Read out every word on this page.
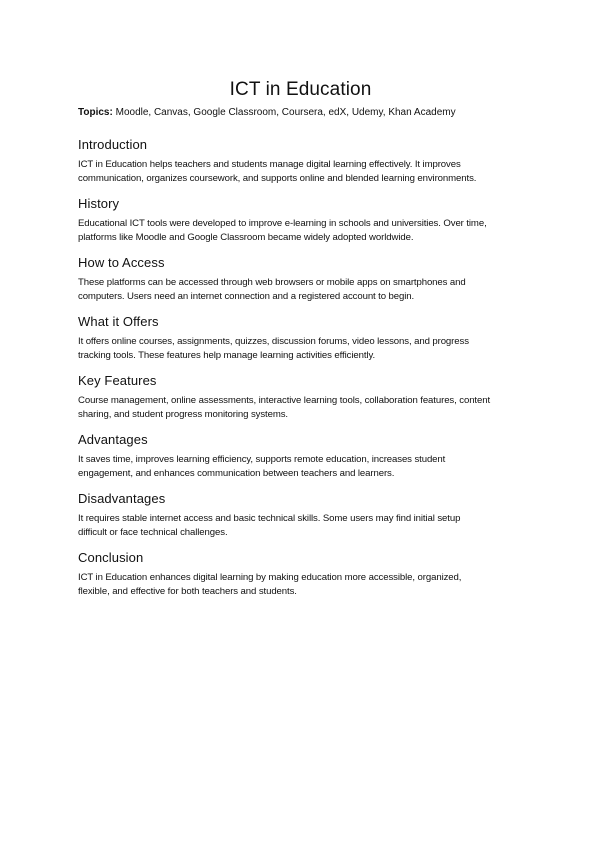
ICT in Education
Topics: Moodle, Canvas, Google Classroom, Coursera, edX, Udemy, Khan Academy
Introduction

ICT in Education helps teachers and students manage digital learning effectively. It improves
communication, organizes coursework, and supports online and blended learning environments.

History

Educational ICT tools were developed to improve e-learning in schools and universities. Over time,
platforms like Moodle and Google Classroom became widely adopted worldwide.

How to Access

These platforms can be accessed through web browsers or mobile apps on smartphones and
computers. Users need an internet connection and a registered account to begin.

What it Offers

It offers online courses, assignments, quizzes, discussion forums, video lessons, and progress
tracking tools. These features help manage learning activities efficiently.

Key Features

Course management, online assessments, interactive learning tools, collaboration features, content
sharing, and student progress monitoring systems.

Advantages

It saves time, improves learning efficiency, supports remote education, increases student
engagement, and enhances communication between teachers and learners.

Disadvantages

It requires stable internet access and basic technical skills. Some users may find initial setup
difficult or face technical challenges.

Conclusion

ICT in Education enhances digital learning by making education more accessible, organized,
flexible, and effective for both teachers and students.
